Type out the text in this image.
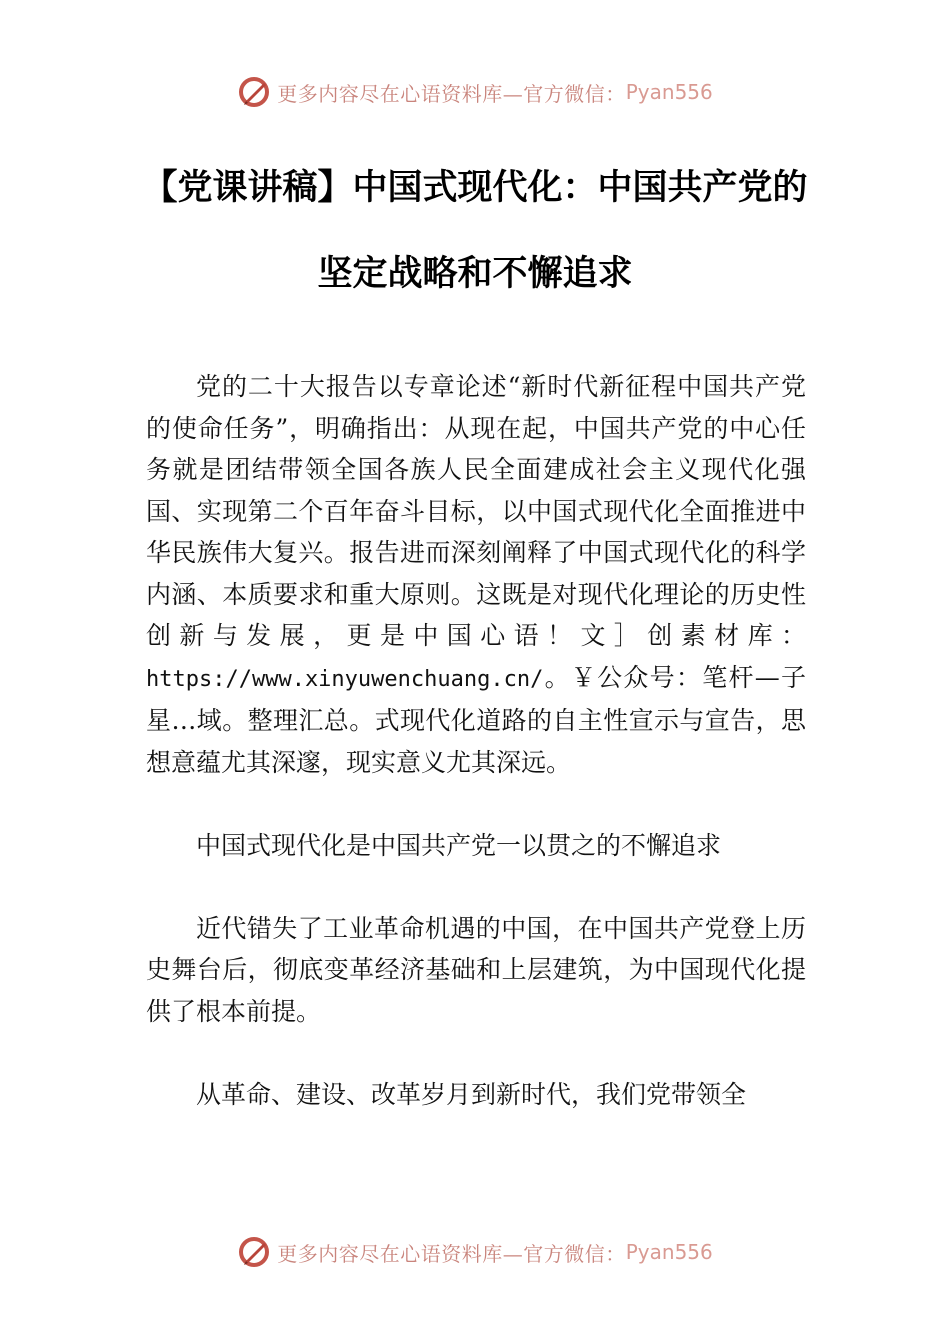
更多内容尽在心语资料库—官方微信： Pyan556
【党课讲稿】中国式现代化：中国共产党的
坚定战略和不懈追求

党的二十大报告以专章论述“新时代新征程中国共产党的使命任务”，明确指出：从现在起，中国共产党的中心任务就是团结带领全国各族人民全面建成社会主义现代化强国、实现第二个百年奋斗目标，以中国式现代化全面推进中华民族伟大复兴。报告进而深刻阐释了中国式现代化的科学内涵、本质要求和重大原则。这既是对现代化理论的历史性创新与发展，更是中国心语！文］创素材库：https://www.xinyuwenchuang.cn/。￥公众号：笔杆—子星…域。整理汇总。式现代化道路的自主性宣示与宣告，思想意蕴尤其深邃，现实意义尤其深远。

中国式现代化是中国共产党一以贯之的不懈追求

近代错失了工业革命机遇的中国，在中国共产党登上历史舞台后，彻底变革经济基础和上层建筑，为中国现代化提供了根本前提。

从革命、建设、改革岁月到新时代，我们党带领全

更多内容尽在心语资料库—官方微信： Pyan556
